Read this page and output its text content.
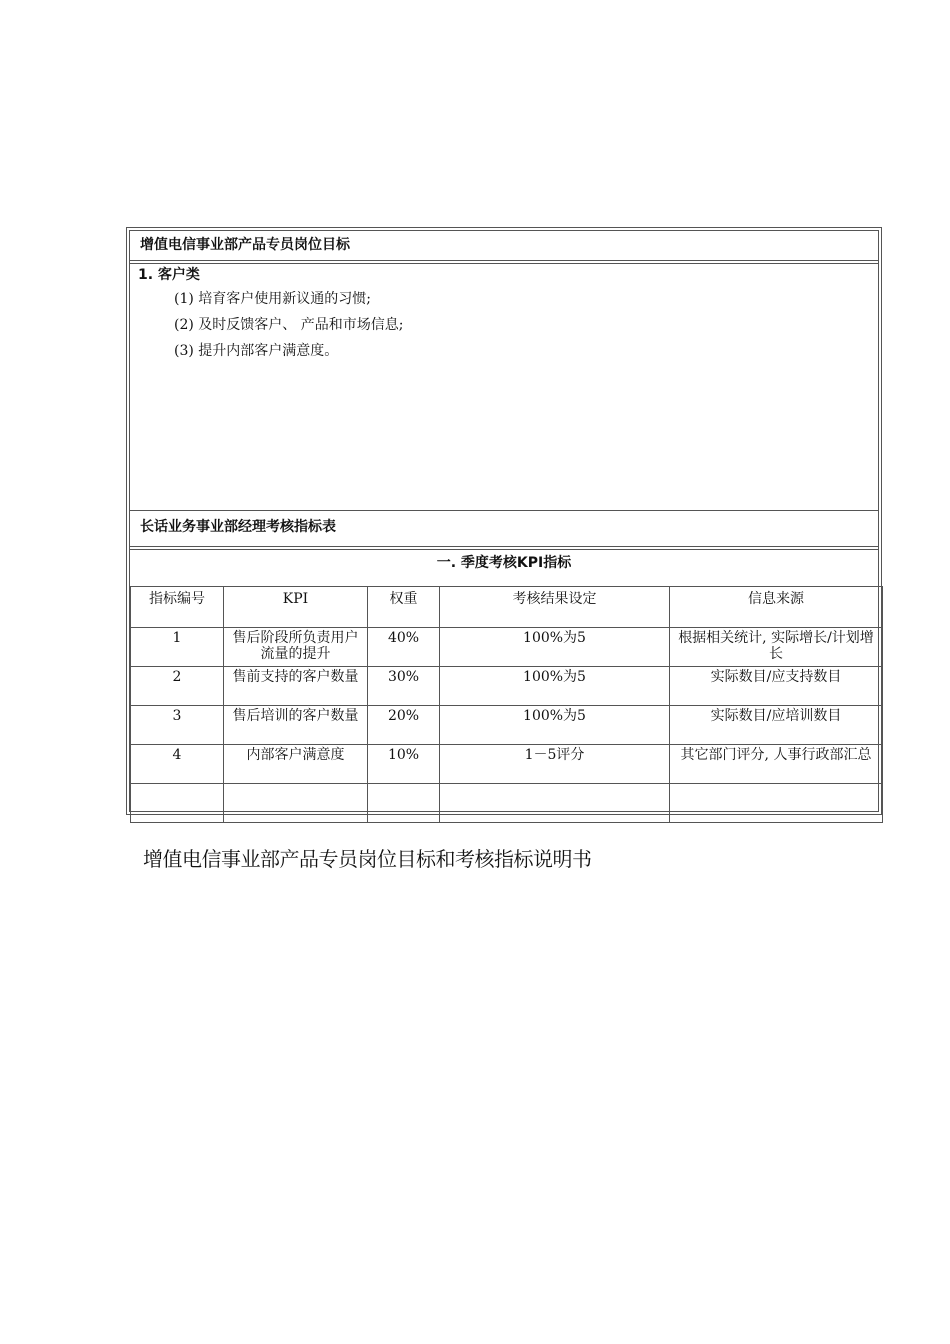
增值电信事业部产品专员岗位目标
1. 客户类
(1) 培育客户使用新议通的习惯;
(2) 及时反馈客户、 产品和市场信息;
(3) 提升内部客户满意度。
长话业务事业部经理考核指标表
一. 季度考核KPI指标
指标编号	KPI	权重	考核结果设定	信息来源
1	售后阶段所负责用户流量的提升	40%	100%为5	根据相关统计, 实际增长/计划增长
2	售前支持的客户数量	30%	100%为5	实际数目/应支持数目
3	售后培训的客户数量	20%	100%为5	实际数目/应培训数目
4	内部客户满意度	10%	1－5评分	其它部门评分, 人事行政部汇总

增值电信事业部产品专员岗位目标和考核指标说明书
